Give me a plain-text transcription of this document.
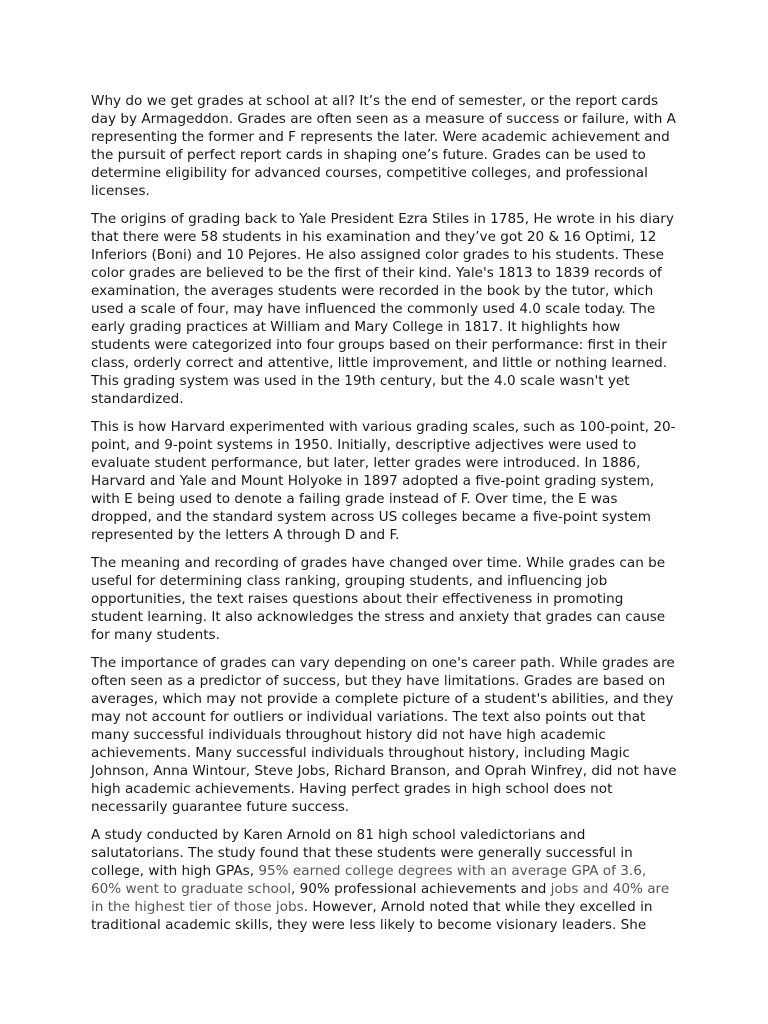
Why do we get grades at school at all? It’s the end of semester, or the report cards day by Armageddon. Grades are often seen as a measure of success or failure, with A representing the former and F represents the later. Were academic achievement and the pursuit of perfect report cards in shaping one’s future. Grades can be used to determine eligibility for advanced courses, competitive colleges, and professional licenses.

The origins of grading back to Yale President Ezra Stiles in 1785, He wrote in his diary that there were 58 students in his examination and they’ve got 20 & 16 Optimi, 12 Inferiors (Boni) and 10 Pejores. He also assigned color grades to his students. These color grades are believed to be the first of their kind. Yale's 1813 to 1839 records of examination, the averages students were recorded in the book by the tutor, which used a scale of four, may have influenced the commonly used 4.0 scale today. The early grading practices at William and Mary College in 1817. It highlights how students were categorized into four groups based on their performance: first in their class, orderly correct and attentive, little improvement, and little or nothing learned. This grading system was used in the 19th century, but the 4.0 scale wasn't yet standardized.

This is how Harvard experimented with various grading scales, such as 100-point, 20-point, and 9-point systems in 1950. Initially, descriptive adjectives were used to evaluate student performance, but later, letter grades were introduced. In 1886, Harvard and Yale and Mount Holyoke in 1897 adopted a five-point grading system, with E being used to denote a failing grade instead of F. Over time, the E was dropped, and the standard system across US colleges became a five-point system represented by the letters A through D and F.

The meaning and recording of grades have changed over time. While grades can be useful for determining class ranking, grouping students, and influencing job opportunities, the text raises questions about their effectiveness in promoting student learning. It also acknowledges the stress and anxiety that grades can cause for many students.

The importance of grades can vary depending on one's career path. While grades are often seen as a predictor of success, but they have limitations. Grades are based on averages, which may not provide a complete picture of a student's abilities, and they may not account for outliers or individual variations. The text also points out that many successful individuals throughout history did not have high academic achievements. Many successful individuals throughout history, including Magic Johnson, Anna Wintour, Steve Jobs, Richard Branson, and Oprah Winfrey, did not have high academic achievements. Having perfect grades in high school does not necessarily guarantee future success.

A study conducted by Karen Arnold on 81 high school valedictorians and salutatorians. The study found that these students were generally successful in college, with high GPAs, 95% earned college degrees with an average GPA of 3.6, 60% went to graduate school, 90% professional achievements and jobs and 40% are in the highest tier of those jobs. However, Arnold noted that while they excelled in traditional academic skills, they were less likely to become visionary leaders. She
